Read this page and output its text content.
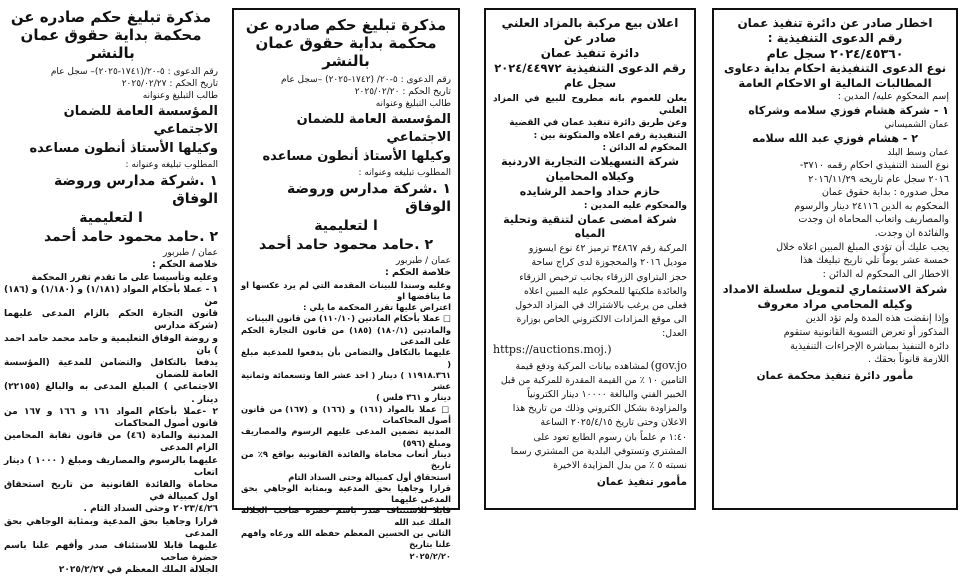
مذكرة تبليغ حكم صادره عن
محكمة بداية حقوق عمان بالنشر
رقم الدعوى : ٥-٢٠/(١٧٤١-٢٠٢٥)– سجل عام
تاريخ الحكم : ٢٠٢٥/٠٢/٢٧
طالب التبليغ وعنوانه
المؤسسة العامة للضمان الاجتماعي
وكيلها الأستاذ أنطون مساعده
المطلوب تبليغه وعنوانه :
١ .شركة مدارس وروضة الوفاق
ا لتعليمية
٢ .حامد محمود حامد أحمد
عمان / طبربور
خلاصة الحكم :
وعليه وتأسيسا على ما تقدم تقرر المحكمة
١ - عملا بأحكام المواد (١/١٨١) و (١/١٨٠) و (١٨٦) من
قانون التجارة الحكم بالزام المدعى عليهما (شركة مدارس
و روضة الوفاق التعليمية و حامد محمد حامد احمد ) بان
يدفعا بالتكافل والتضامن للمدعية (المؤسسة العامة للضمان
الاجتماعي ) المبلغ المدعى به والبالغ (٢٢١٥٥) دينار .
٢ -عملا بأحكام المواد ١٦١ و ١٦٦ و ١٦٧ من قانون أصول المحاكمات
المدنية والمادة (٤٦) من قانون نقابة المحامين الزام المدعى
عليهما بالرسوم والمصاريف ومبلغ ( ١٠٠٠ ) دينار اتعاب
محاماة والفائدة القانونية من تاريخ استحقاق اول كمبيالة في
٢٠٢٣/٤/٢٦ وحتى السداد التام .
قرارا وجاهيا بحق المدعية وبمثابة الوجاهي بحق المدعى
عليهما قابلا للاستئناف صدر وأفهم علنا باسم حضرة صاحب
الجلالة الملك المعظم في ٢٠٢٥/٢/٢٧
مذكرة تبليغ حكم صادره عن
محكمة بداية حقوق عمان بالنشر
رقم الدعوى : ٥-٢٠/ (١٧٤٢-٢٠٢٥) –سجل عام
تاريخ الحكم : ٢٠٢٥/٠٢/٢٠
طالب التبليغ وعنوانه
المؤسسة العامة للضمان الاجتماعي
وكيلها الأستاذ أنطون مساعده
المطلوب تبليغه وعنوانه :
١ .شركة مدارس وروضة الوفاق
ا لتعليمية
٢ .حامد محمود حامد أحمد
عمان / طبربور
خلاصة الحكم :
وعليه وسندا للبينات المقدمة التي لم يرد عكسها او ما يناقضها او
اعتراض عليها تقرر المحكمة ما يلي :
□ عملا بأحكام المادتين (١١٠/١٠) من قانون البينات
والمادتين (١٨٠/١) (١٨٥) من قانون التجارة الحكم على المدعى
عليهما بالتكافل والتضامن بأن يدفعوا للمدعية مبلغ (
١١٩١٨.٣٦١ ) دينار ( احد عشر الفا وتسعمائة وثمانية عشر
دينار و ٣٦١ فلس )
□ عملا بالمواد (١٦١) و (١٦٦) و (١٦٧) من قانون أصول المحاكمات
المدنية تضمين المدعى عليهم الرسوم والمصاريف ومبلغ (٥٩٦)
دينار أتعاب محاماة والفائدة القانونية بواقع ٩٪ من تاريخ
استحقاق أول كمبيالة وحتى السداد التام
قرارا وجاهيا بحق المدعية وبمثابة الوجاهي بحق المدعى عليهما
قابلا للاستئناف صدر باسم حضرة صاحب الجلالة الملك عبد الله
الثاني بن الحسين المعظم حفظه الله ورعاه وافهم علنا بتاريخ
٢٠٢٥/٢/٢٠
اعلان بيع مركبة بالمزاد العلني صادر عن
دائرة تنفيذ عمان
رقم الدعوى التنفيذية ٢٠٢٤/٤٤٩٧٢
سجل عام
يعلن للعموم بانه مطروح للبيع في المزاد العلني
وعن طريق دائرة تنفيذ عمان في القضية
التنفيذية رقم اعلاه والمتكونة بين :
المحكوم له الدائن :
شركة التسهيلات التجارية الاردنية
وكيلاه المحاميان
حازم حداد واحمد الرشايده
والمحكوم عليه المدين :
شركة امضى عمان لتنقية وتحلية المياه
المركبة رقم ٣٤٨٦٧ ترميز ٤٢ نوع ايسوزو
موديل ٢٠١٦ والمحجوزة لدى كراج ساحة
حجز البتراوي الزرقاء بجانب ترخيص الزرقاء
والعائدة ملكيتها للمحكوم عليه المبين اعلاه
فعلى من يرغب بالاشتراك في المزاد الدخول
الى موقع المزادات الالكتروني الخاص بوزارة
العدل:
https://auctions.moj.)
لمشاهده بيانات المركبة ودفع قيمة (gov.jo
التامين ١٠ ٪ من القيمة المقدرة للمركبة من قبل
الخبير الفني والبالغة ١٠٠٠٠ دينار الكترونياً
والمزاودة بشكل الكتروني وذلك من تاريخ هذا
الاعلان وحتى تاريخ ٢٠٢٥/٤/١٥ الساعة
١:٤٠ م علماً بان رسوم الطابع تعود على
المشتري وتستوفي البلدية من المشتري رسما
نسبته ٥ ٪ من بدل المزايدة الاخيرة
مأمور تنفيذ عمان
اخطار صادر عن دائرة تنفيذ عمان
رقم الدعوى التنفيذية :
٢٠٢٤/٤٥٣٦٠ سجل عام
نوع الدعوى التنفيذية احكام بداية دعاوى المطالبات المالية او الاحكام العامة
إسم المحكوم عليه/ المدين :
١ - شركة هشام فوزي سلامه وشركاه
عمان الشميساني
٢ - هشام فوزي عبد الله سلامه
عمان وسط البلد
نوع السند التنفيذي احكام رقمه ٣٧١٠-
٢٠١٦ سجل عام تاريخه ٢٠١٦/١١/٢٩
محل صدوره : بداية حقوق عمان
المحكوم به الدين ٢٤١١٦ دينار والرسوم
والمصاريف واتعاب المحاماة ان وجدت
والفائدة ان وجدت.
يجب عليك أن تؤدي المبلغ المبين اعلاه خلال
خمسة عشر يوماً تلي تاريخ تبليغك هذا
الاخطار الى المحكوم له الدائن :
شركة الاستثماري لتمويل سلسلة الامداد
وكيله المحامي مراد معروف
وإذا إنقضت هذه المدة ولم تؤد الدين
المذكور أو تعرض التسوية القانونية ستقوم
دائرة التنفيذ بمباشرة الإجراءات التنفيذية
اللازمة قانوناً بحقك .
مأمور دائرة تنفيذ محكمة عمان
